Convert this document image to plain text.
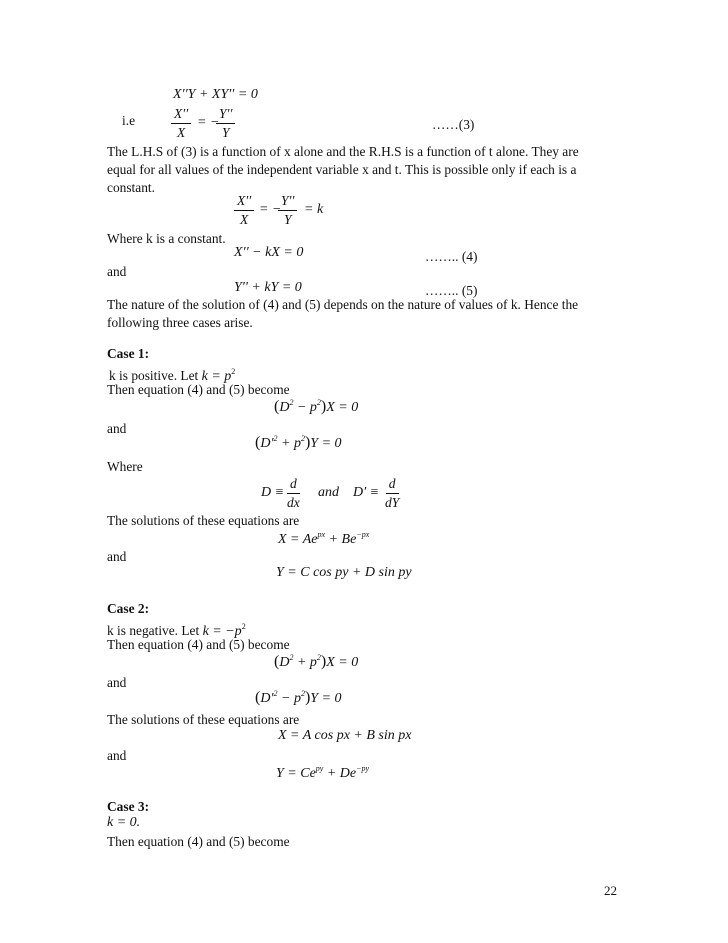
X′′Y + XY′′ = 0
i.e	$\frac{X''}{X}$ = −
$\frac{Y''}{Y}$	……(3)
The L.H.S of (3) is a function of x alone and the R.H.S is a function of t alone. They are
equal for all values of the independent variable x and t. This is possible only if each is a
constant.
$\frac{X''}{X}$ = −
$\frac{Y''}{Y} = k$
Where k is a constant.
X′′ − kX = 0	…….. (4)
and
Y′′ + kY = 0	…….. (5)
The nature of the solution of (4) and (5) depends on the nature of values of k. Hence the
following three cases arise.
Case 1:
k is positive. Let $k = p^2$
Then equation (4) and (5) become
$(D^2 - p^2)X = 0$
and
$(D'^2 + p^2)Y = 0$
Where
$D \equiv \frac{d}{dx}$ and $D' \equiv \frac{d}{dY}$
The solutions of these equations are
$X = Ae^{px} + Be^{-px}$
and
Y = C cos py + D sin py
Case 2:
k is negative. Let $k = -p^2$
Then equation (4) and (5) become
$(D^2 + p^2)X = 0$
and
$(D'^2 - p^2)Y = 0$
The solutions of these equations are
X = A cos px + B sin px
and
$Y = Ce^{py} + De^{-py}$
Case 3:
k = 0.
Then equation (4) and (5) become
22
